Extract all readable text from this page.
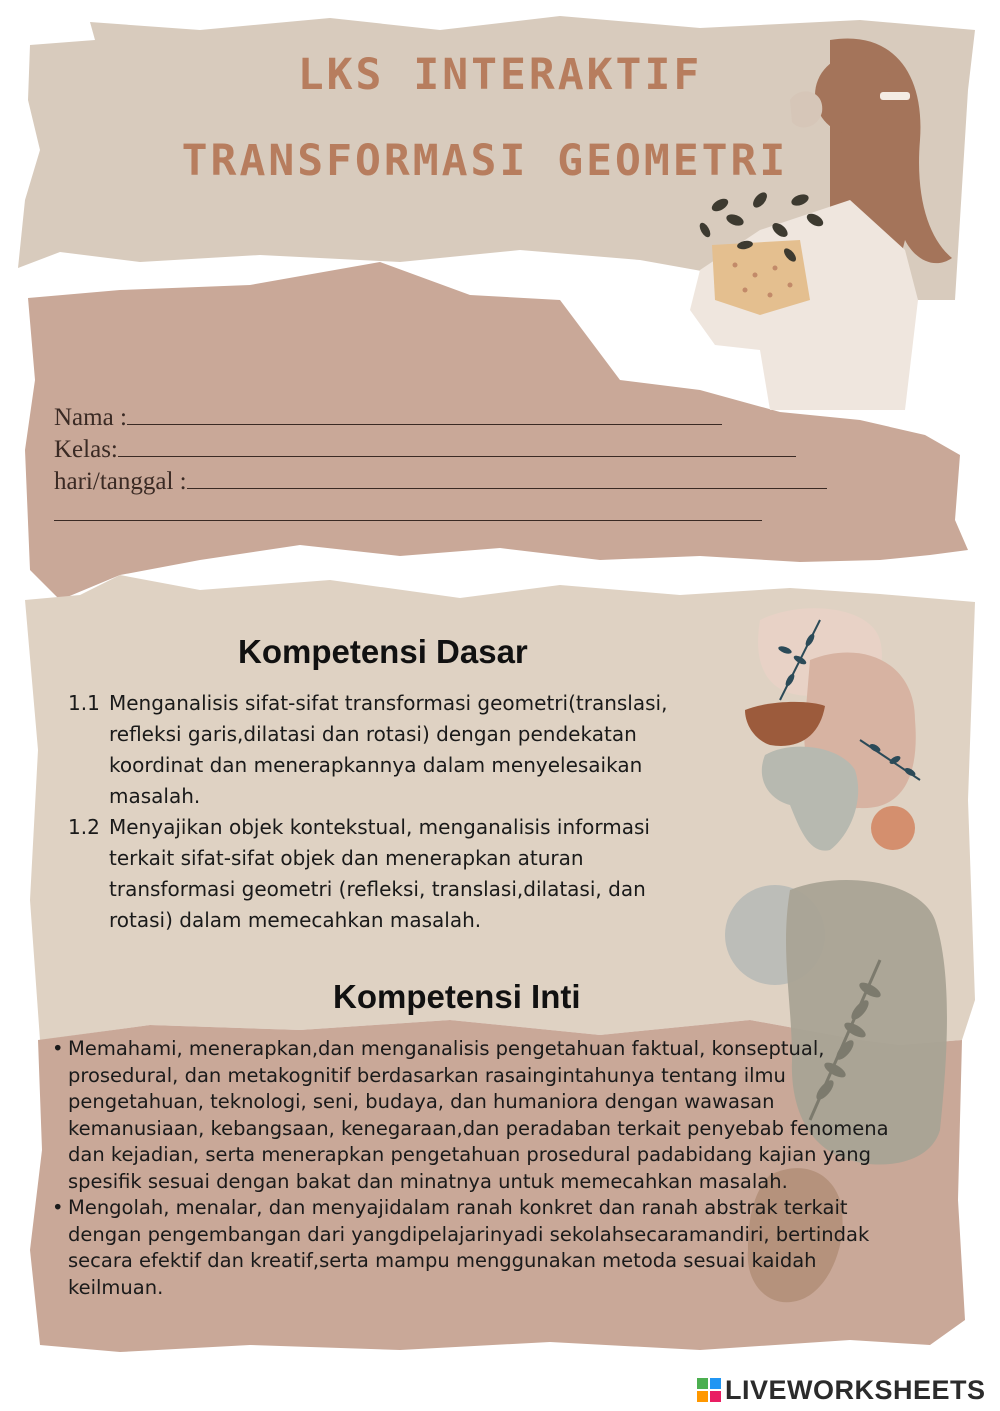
LKS INTERAKTIF
TRANSFORMASI GEOMETRI
Nama :
Kelas:
hari/tanggal :
Kompetensi Dasar
1.1 Menganalisis sifat-sifat transformasi geometri(translasi, refleksi garis,dilatasi dan rotasi) dengan pendekatan koordinat dan menerapkannya dalam menyelesaikan masalah.
1.2 Menyajikan objek kontekstual, menganalisis informasi terkait sifat-sifat objek dan menerapkan aturan transformasi geometri (refleksi, translasi,dilatasi, dan rotasi) dalam memecahkan masalah.
Kompetensi Inti
• Memahami, menerapkan,dan menganalisis pengetahuan faktual, konseptual, prosedural, dan metakognitif berdasarkan rasaingintahunya tentang ilmu pengetahuan, teknologi, seni, budaya, dan humaniora dengan wawasan kemanusiaan, kebangsaan, kenegaraan,dan peradaban terkait penyebab fenomena dan kejadian, serta menerapkan pengetahuan prosedural padabidang kajian yang spesifik sesuai dengan bakat dan minatnya untuk memecahkan masalah.
• Mengolah, menalar, dan menyajidalam ranah konkret dan ranah abstrak terkait dengan pengembangan dari yangdipelajarinyadi sekolahsecaramandiri, bertindak secara efektif dan kreatif,serta mampu menggunakan metoda sesuai kaidah keilmuan.
LIVEWORKSHEETS
